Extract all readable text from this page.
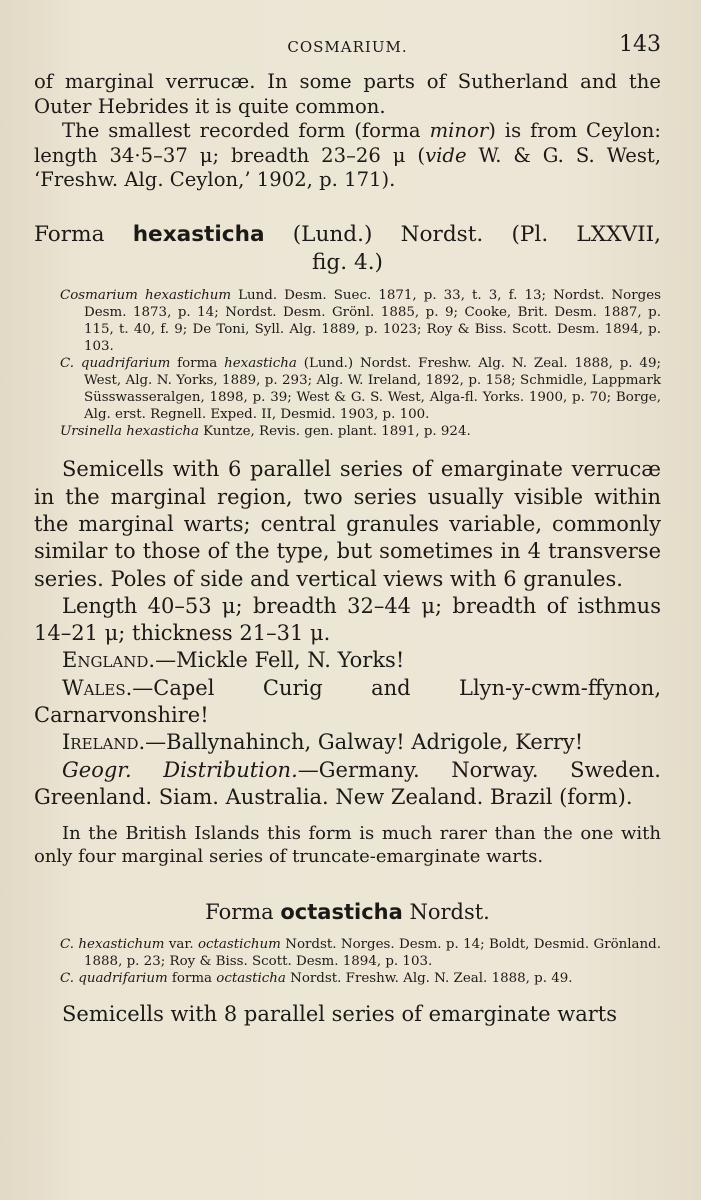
COSMARIUM.	143

of marginal verrucæ. In some parts of Sutherland and the Outer Hebrides it is quite common.

The smallest recorded form (forma minor) is from Ceylon: length 34·5–37 μ; breadth 23–26 μ (vide W. & G. S. West, ‘Freshw. Alg. Ceylon,’ 1902, p. 171).

Forma hexasticha (Lund.) Nordst. (Pl. LXXVII,
fig. 4.)

Cosmarium hexastichum Lund. Desm. Suec. 1871, p. 33, t. 3, f. 13; Nordst. Norges Desm. 1873, p. 14; Nordst. Desm. Grönl. 1885, p. 9; Cooke, Brit. Desm. 1887, p. 115, t. 40, f. 9; De Toni, Syll. Alg. 1889, p. 1023; Roy & Biss. Scott. Desm. 1894, p. 103.

C. quadrifarium forma hexasticha (Lund.) Nordst. Freshw. Alg. N. Zeal. 1888, p. 49; West, Alg. N. Yorks, 1889, p. 293; Alg. W. Ireland, 1892, p. 158; Schmidle, Lappmark Süsswasseralgen, 1898, p. 39; West & G. S. West, Alga-fl. Yorks. 1900, p. 70; Borge, Alg. erst. Regnell. Exped. II, Desmid. 1903, p. 100.

Ursinella hexasticha Kuntze, Revis. gen. plant. 1891, p. 924.

Semicells with 6 parallel series of emarginate verrucæ in the marginal region, two series usually visible within the marginal warts; central granules variable, commonly similar to those of the type, but sometimes in 4 transverse series. Poles of side and vertical views with 6 granules.

Length 40–53 μ; breadth 32–44 μ; breadth of isthmus 14–21 μ; thickness 21–31 μ.

England.—Mickle Fell, N. Yorks!

Wales.—Capel Curig and Llyn-y-cwm-ffynon, Carnarvonshire!

Ireland.—Ballynahinch, Galway! Adrigole, Kerry!

Geogr. Distribution.—Germany. Norway. Sweden. Greenland. Siam. Australia. New Zealand. Brazil (form).

In the British Islands this form is much rarer than the one with only four marginal series of truncate-emarginate warts.

Forma octasticha Nordst.

C. hexastichum var. octastichum Nordst. Norges. Desm. p. 14; Boldt, Desmid. Grönland. 1888, p. 23; Roy & Biss. Scott. Desm. 1894, p. 103.

C. quadrifarium forma octasticha Nordst. Freshw. Alg. N. Zeal. 1888, p. 49.

Semicells with 8 parallel series of emarginate warts
